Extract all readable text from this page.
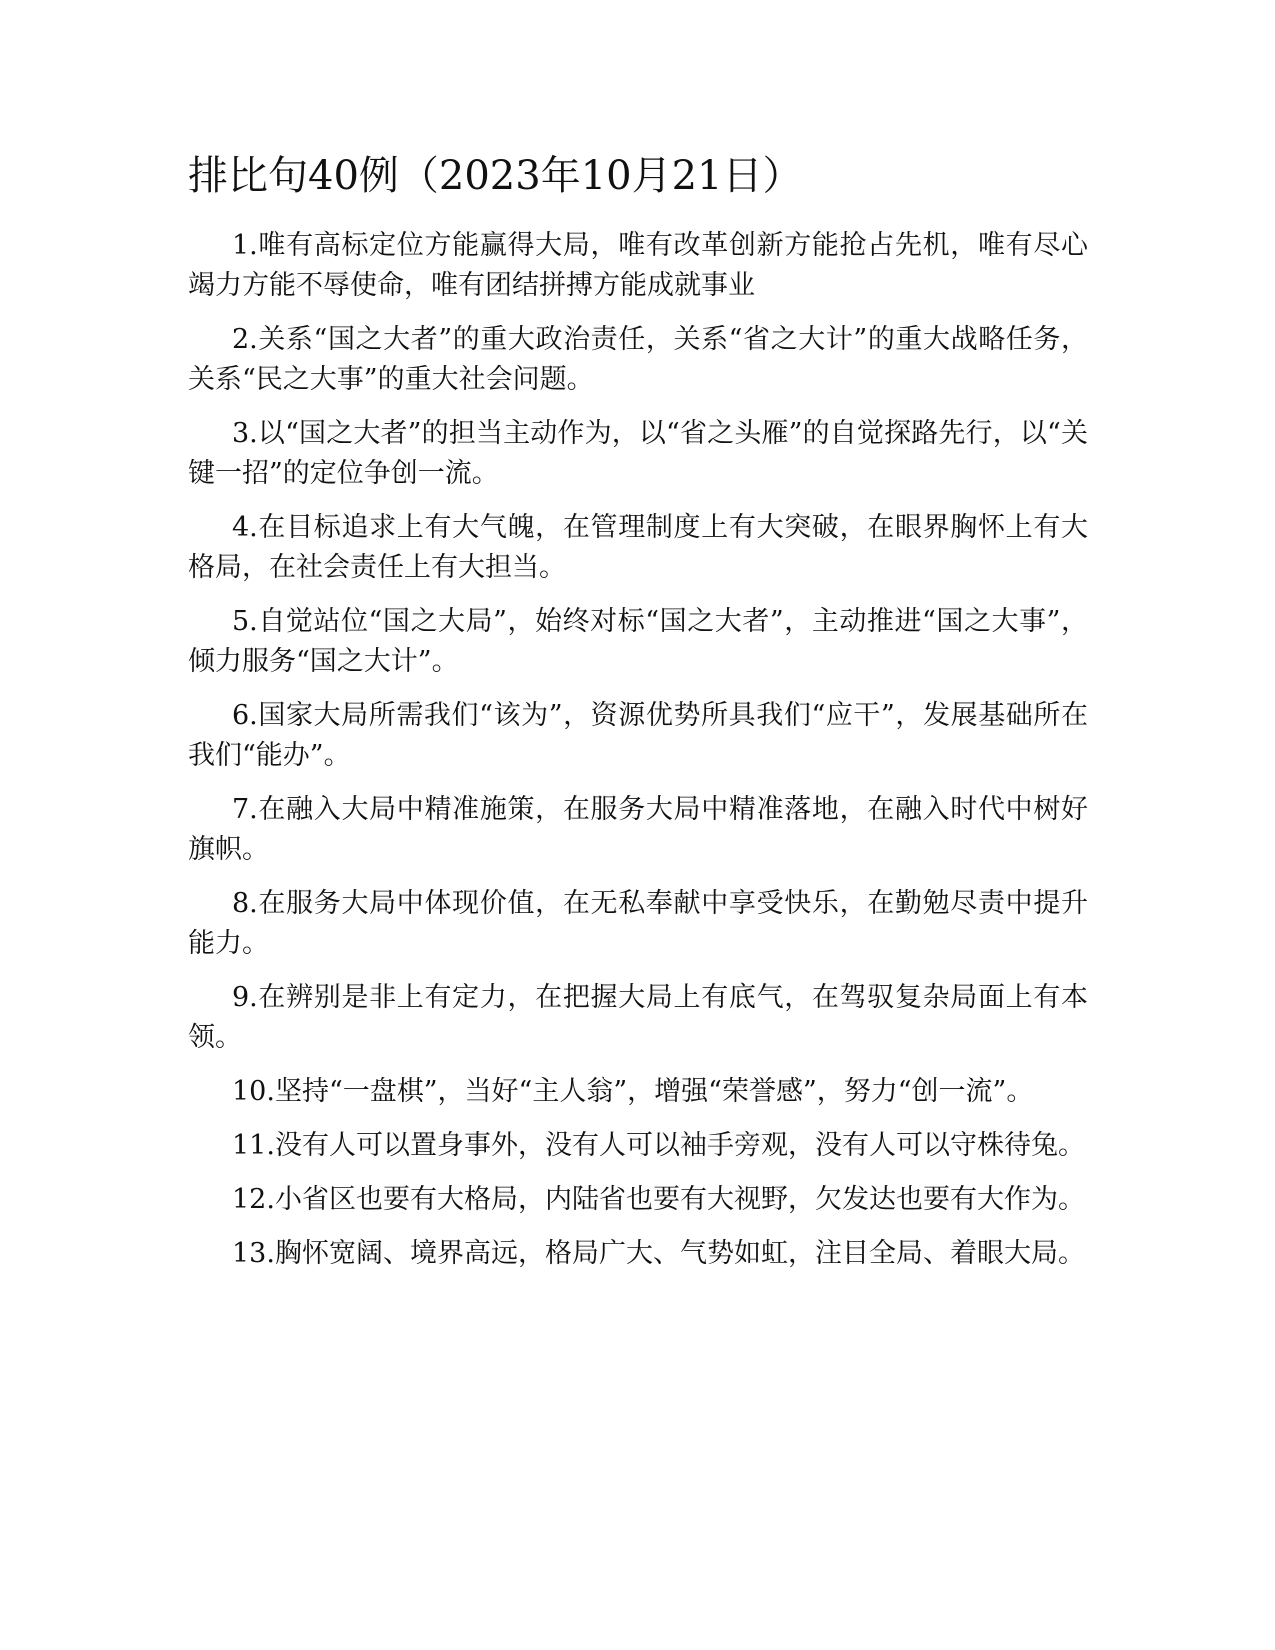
排比句40例（2023年10月21日）

1.唯有高标定位方能赢得大局，唯有改革创新方能抢占先机，唯有尽心竭力方能不辱使命，唯有团结拼搏方能成就事业

2.关系“国之大者”的重大政治责任，关系“省之大计”的重大战略任务，关系“民之大事”的重大社会问题。

3.以“国之大者”的担当主动作为，以“省之头雁”的自觉探路先行，以“关键一招”的定位争创一流。

4.在目标追求上有大气魄，在管理制度上有大突破，在眼界胸怀上有大格局，在社会责任上有大担当。

5.自觉站位“国之大局”，始终对标“国之大者”，主动推进“国之大事”，倾力服务“国之大计”。

6.国家大局所需我们“该为”，资源优势所具我们“应干”，发展基础所在我们“能办”。

7.在融入大局中精准施策，在服务大局中精准落地，在融入时代中树好旗帜。

8.在服务大局中体现价值，在无私奉献中享受快乐，在勤勉尽责中提升能力。

9.在辨别是非上有定力，在把握大局上有底气，在驾驭复杂局面上有本领。

10.坚持“一盘棋”，当好“主人翁”，增强“荣誉感”，努力“创一流”。

11.没有人可以置身事外，没有人可以袖手旁观，没有人可以守株待兔。

12.小省区也要有大格局，内陆省也要有大视野，欠发达也要有大作为。

13.胸怀宽阔、境界高远，格局广大、气势如虹，注目全局、着眼大局。
